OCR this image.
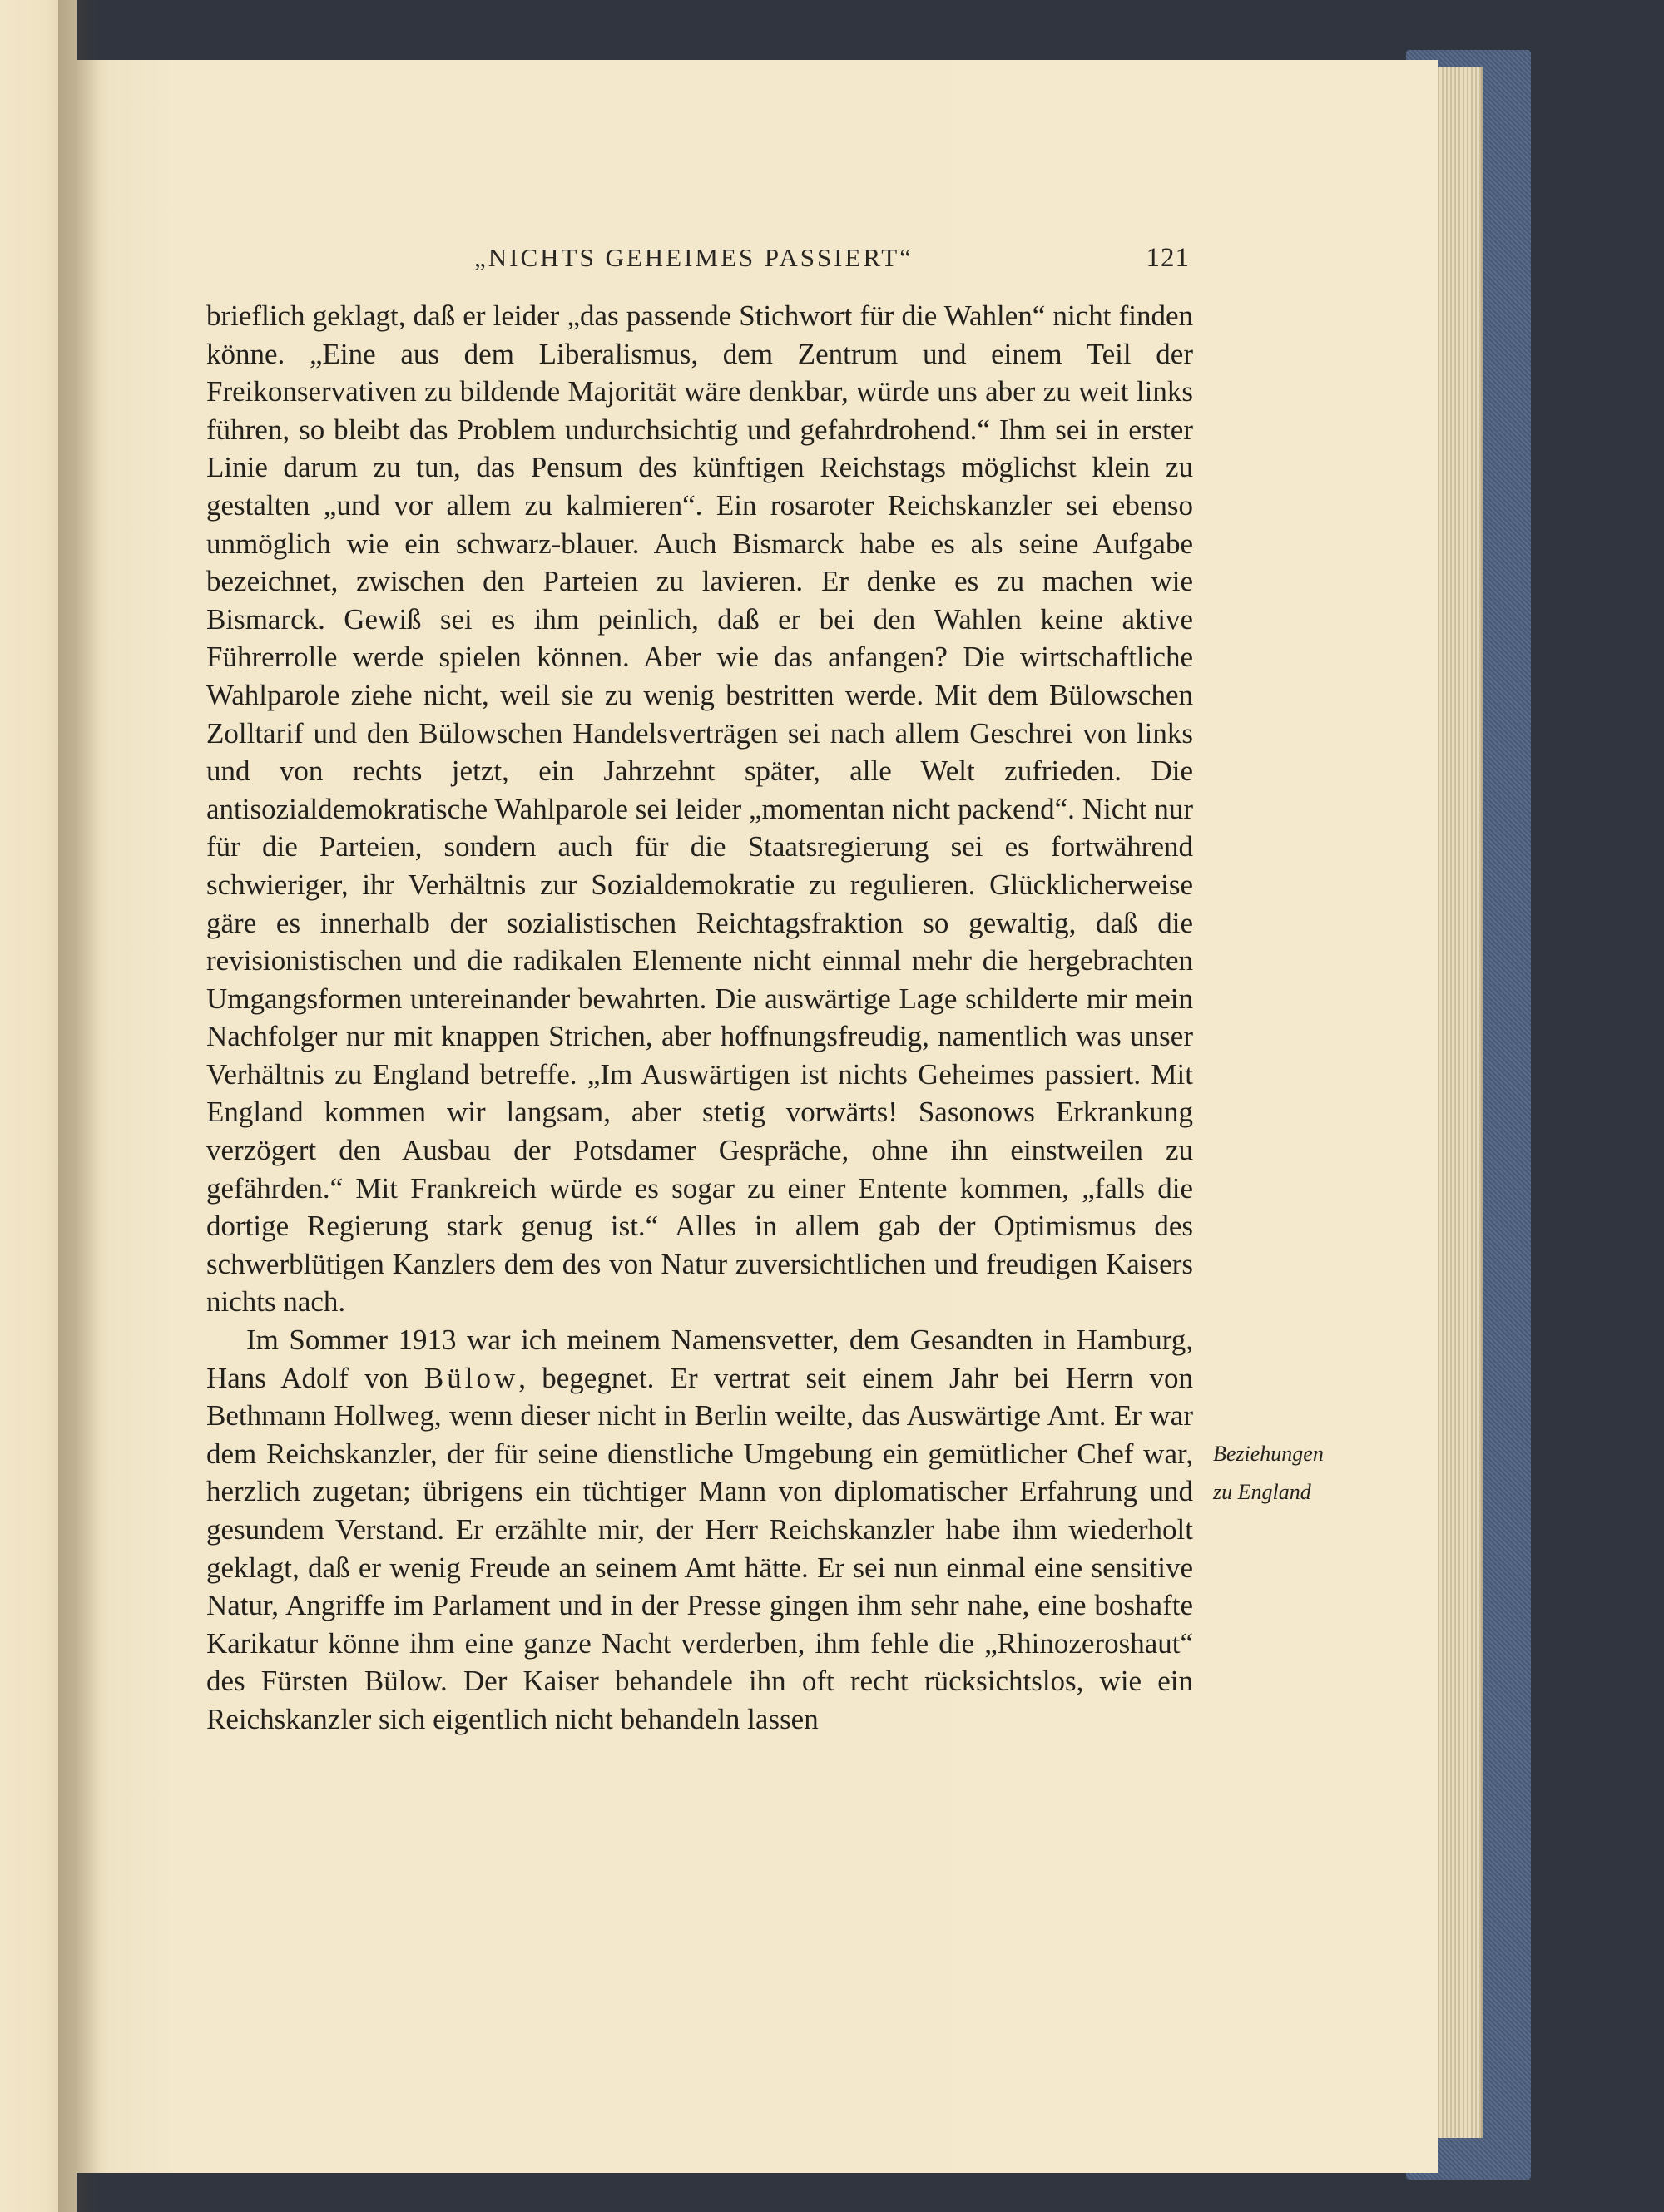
„NICHTS GEHEIMES PASSIERT“	121

brieflich geklagt, daß er leider „das passende Stichwort für die Wahlen“ nicht finden könne. „Eine aus dem Liberalismus, dem Zentrum und einem Teil der Freikonservativen zu bildende Majorität wäre denkbar, würde uns aber zu weit links führen, so bleibt das Problem undurchsichtig und gefahrdrohend.“ Ihm sei in erster Linie darum zu tun, das Pensum des künftigen Reichstags möglichst klein zu gestalten „und vor allem zu kalmieren“. Ein rosaroter Reichskanzler sei ebenso unmöglich wie ein schwarz-blauer. Auch Bismarck habe es als seine Aufgabe bezeichnet, zwischen den Parteien zu lavieren. Er denke es zu machen wie Bismarck. Gewiß sei es ihm peinlich, daß er bei den Wahlen keine aktive Führerrolle werde spielen können. Aber wie das anfangen? Die wirtschaftliche Wahlparole ziehe nicht, weil sie zu wenig bestritten werde. Mit dem Bülowschen Zolltarif und den Bülowschen Handelsverträgen sei nach allem Geschrei von links und von rechts jetzt, ein Jahrzehnt später, alle Welt zufrieden. Die antisozialdemokratische Wahlparole sei leider „momentan nicht packend“. Nicht nur für die Parteien, sondern auch für die Staatsregierung sei es fortwährend schwieriger, ihr Verhältnis zur Sozialdemokratie zu regulieren. Glücklicherweise gäre es innerhalb der sozialistischen Reichtagsfraktion so gewaltig, daß die revisionistischen und die radikalen Elemente nicht einmal mehr die hergebrachten Umgangsformen untereinander bewahrten. Die auswärtige Lage schilderte mir mein Nachfolger nur mit knappen Strichen, aber hoffnungsfreudig, namentlich was unser Verhältnis zu England betreffe. „Im Auswärtigen ist nichts Geheimes passiert. Mit England kommen wir langsam, aber stetig vorwärts! Sasonows Erkrankung verzögert den Ausbau der Potsdamer Gespräche, ohne ihn einstweilen zu gefährden.“ Mit Frankreich würde es sogar zu einer Entente kommen, „falls die dortige Regierung stark genug ist.“ Alles in allem gab der Optimismus des schwerblütigen Kanzlers dem des von Natur zuversichtlichen und freudigen Kaisers nichts nach.

Im Sommer 1913 war ich meinem Namensvetter, dem Gesandten in Hamburg, Hans Adolf von Bülow, begegnet. Er vertrat seit einem Jahr bei Herrn von Bethmann Hollweg, wenn dieser nicht in Berlin weilte, das Auswärtige Amt. Er war dem Reichskanzler, der für seine dienstliche Umgebung ein gemütlicher Chef war, herzlich zugetan; übrigens ein tüchtiger Mann von diplomatischer Erfahrung und gesundem Verstand. Er erzählte mir, der Herr Reichskanzler habe ihm wiederholt geklagt, daß er wenig Freude an seinem Amt hätte. Er sei nun einmal eine sensitive Natur, Angriffe im Parlament und in der Presse gingen ihm sehr nahe, eine boshafte Karikatur könne ihm eine ganze Nacht verderben, ihm fehle die „Rhinozeroshaut“ des Fürsten Bülow. Der Kaiser behandele ihn oft recht rücksichtslos, wie ein Reichskanzler sich eigentlich nicht behandeln lassen

Beziehungen
zu England
